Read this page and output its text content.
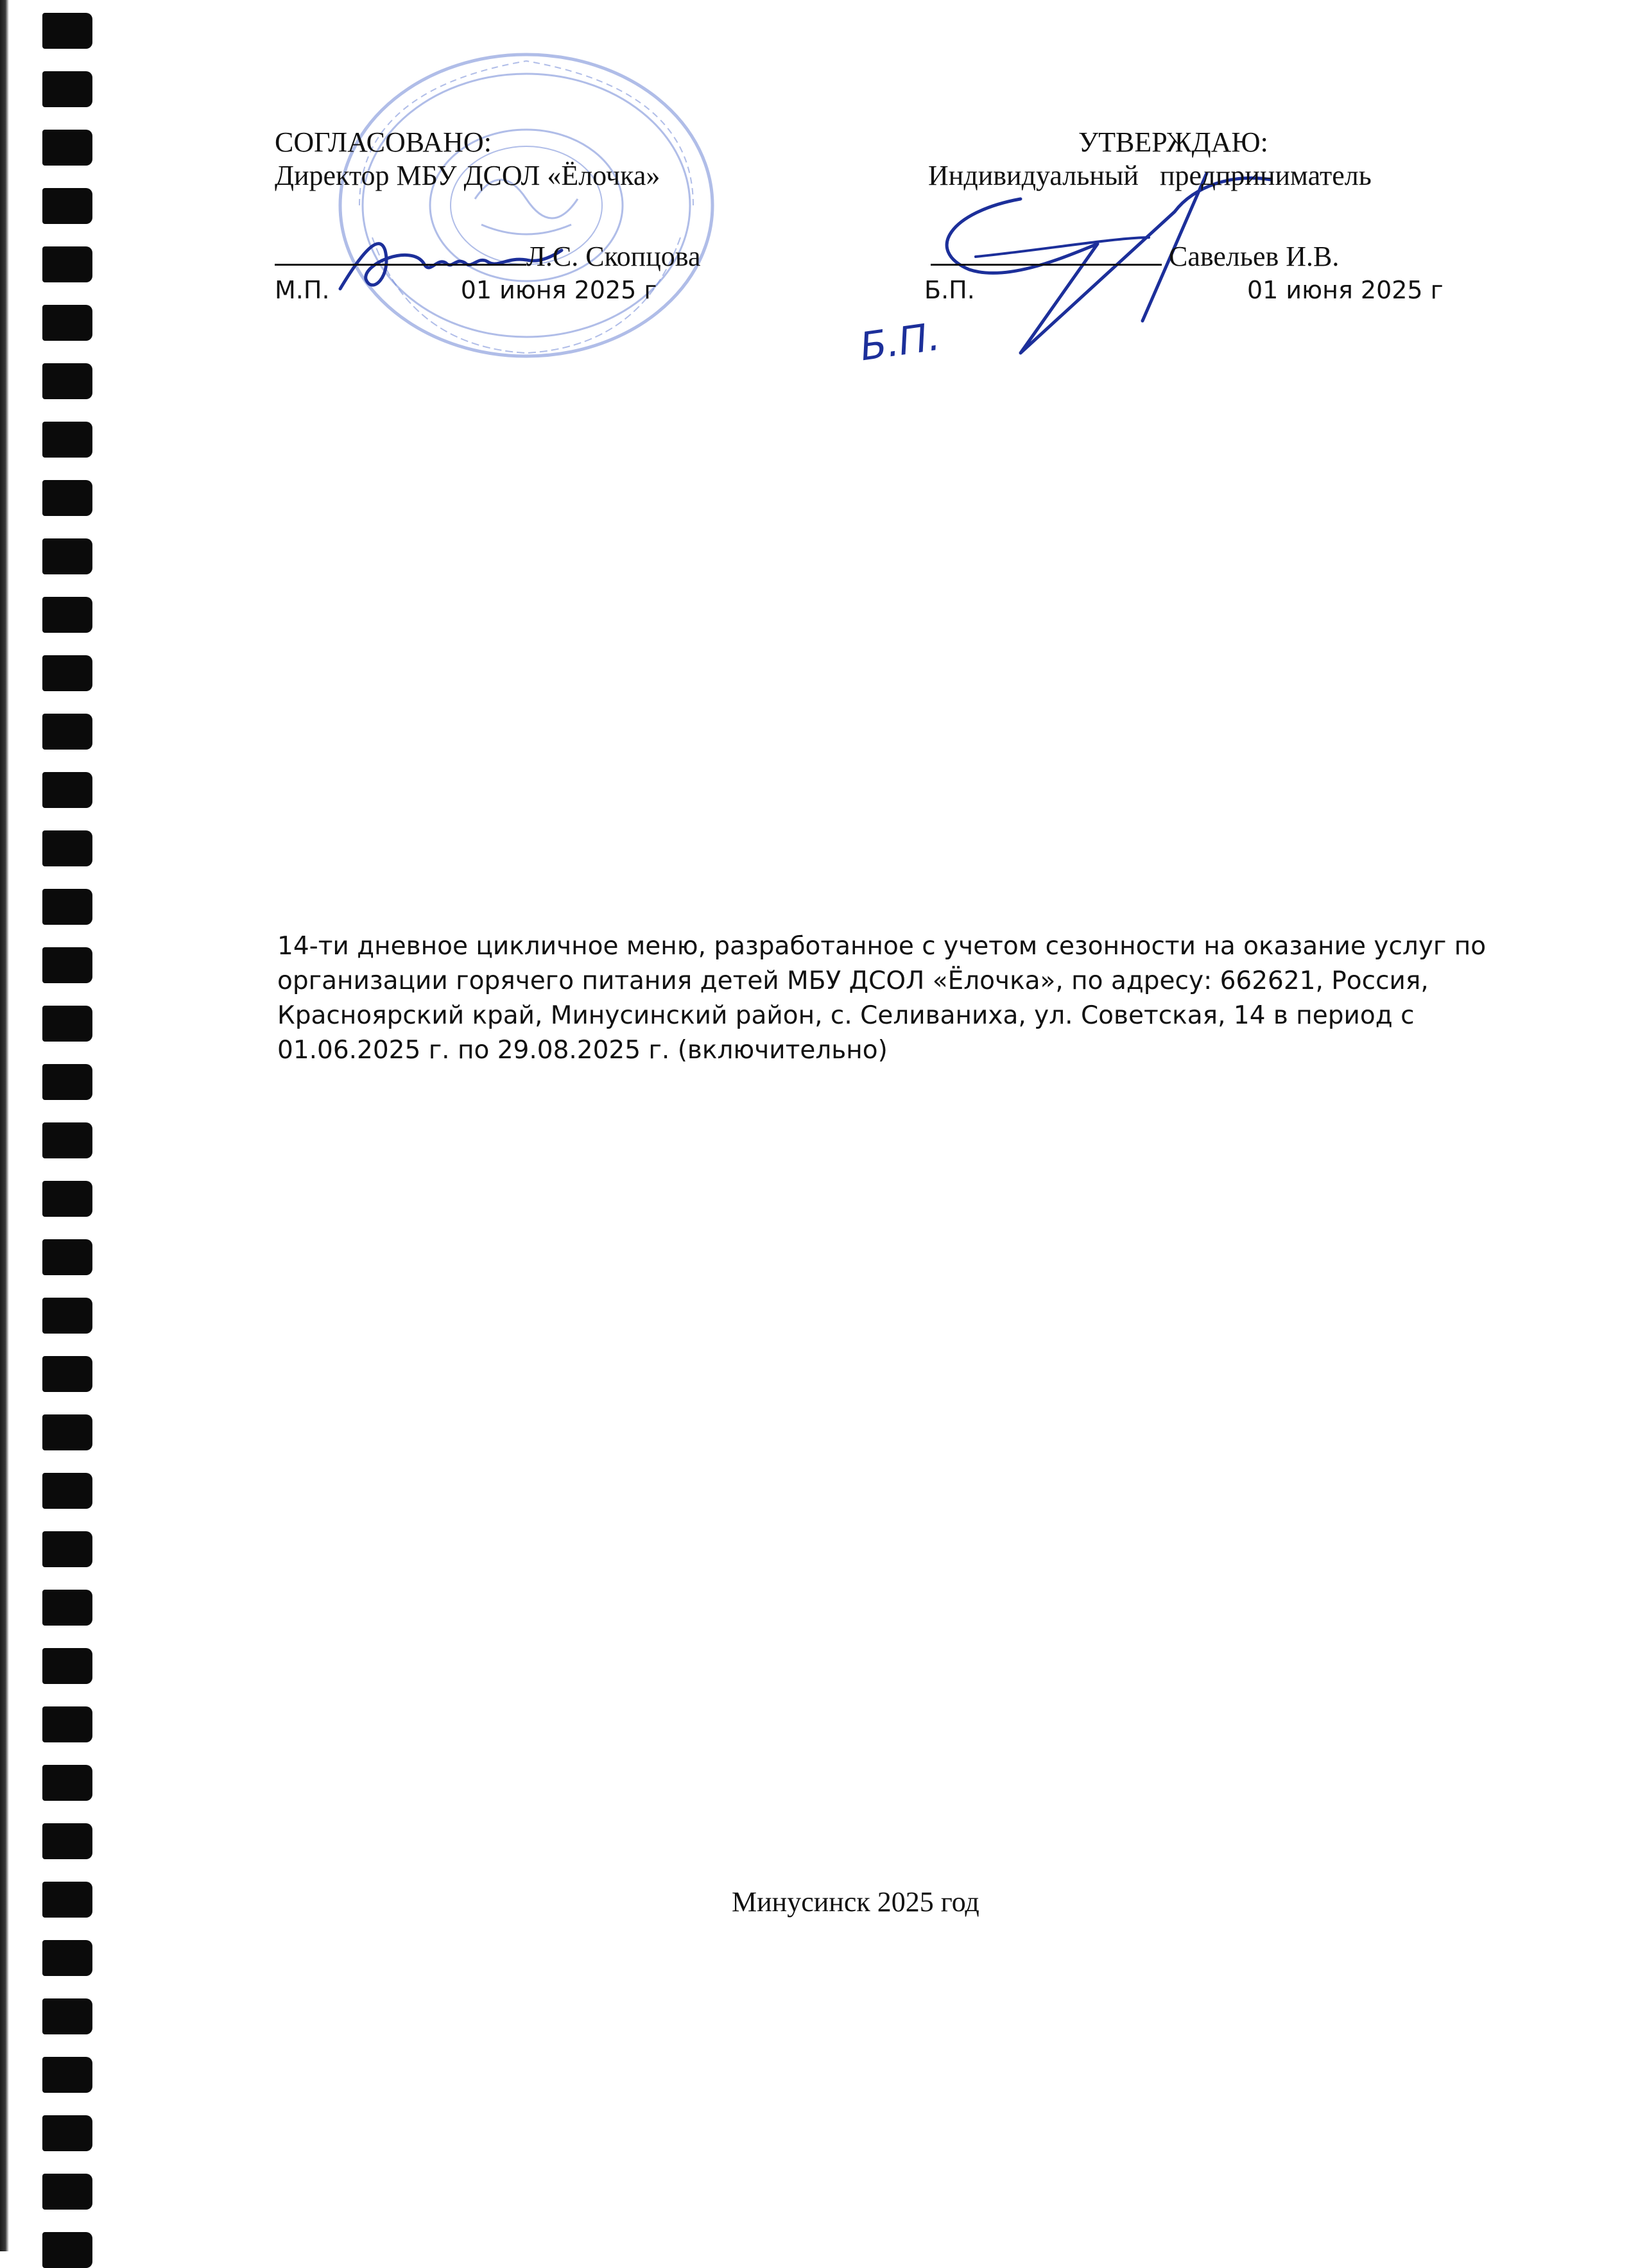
Б.П.
СОГЛАСОВАНО:
Директор МБУ ДСОЛ «Ёлочка»
Л.С. Скопцова
М.П.	01 июня 2025 г
УТВЕРЖДАЮ:
Индивидуальный   предприниматель
Савельев И.В.
Б.П.	01 июня 2025 г
14-ти дневное цикличное меню, разработанное с учетом сезонности на оказание услуг по
организации горячего питания детей МБУ ДСОЛ «Ёлочка», по адресу: 662621, Россия,
Красноярский край, Минусинский район, с. Селиваниха, ул. Советская, 14 в период с
01.06.2025 г. по 29.08.2025 г. (включительно)
Минусинск 2025 год
